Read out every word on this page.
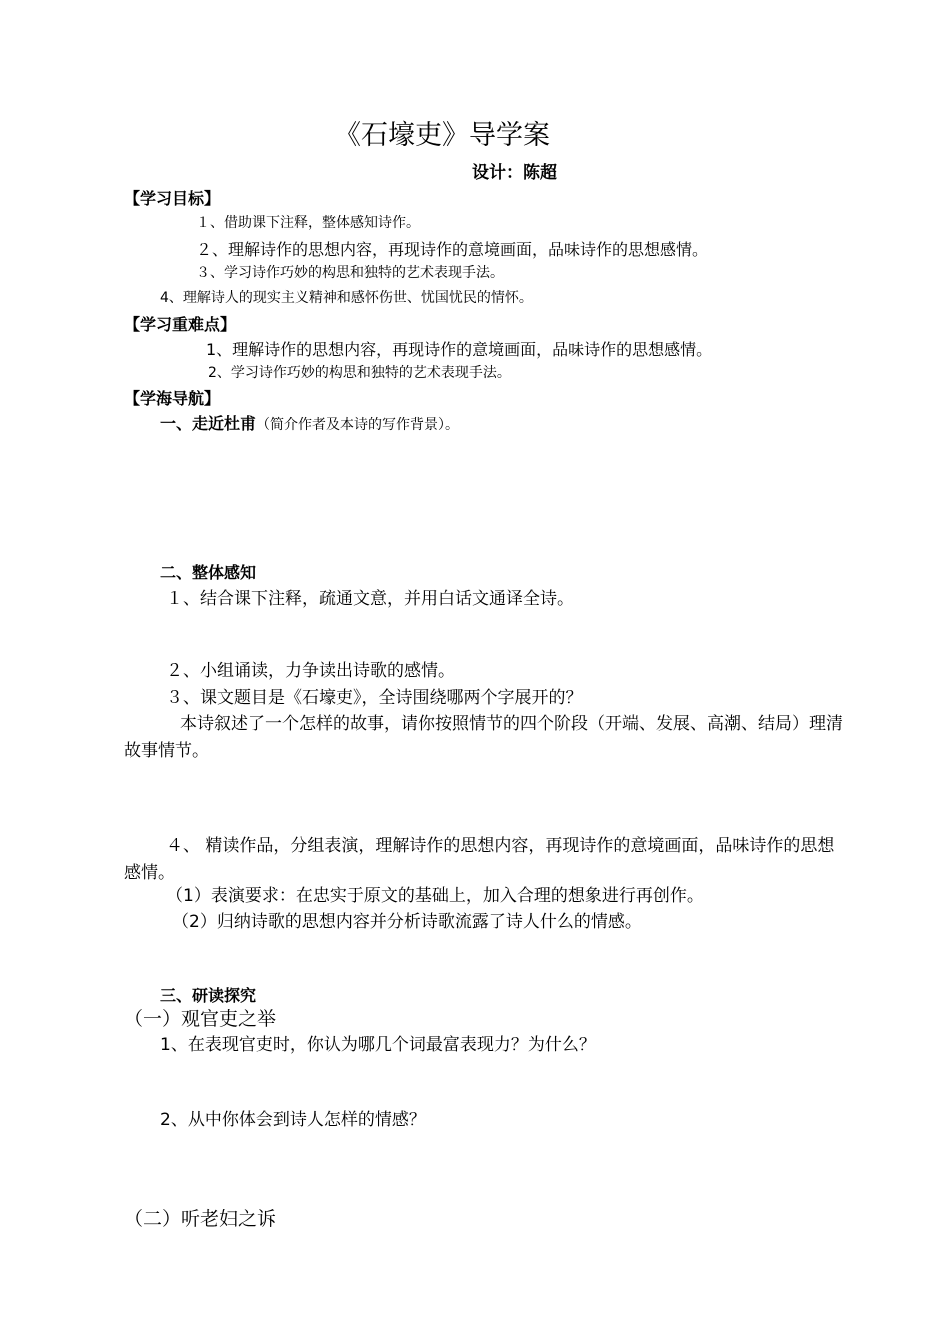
《石壕吏》导学案
设计：陈超
【学习目标】
１、借助课下注释，整体感知诗作。
２、理解诗作的思想内容，再现诗作的意境画面，品味诗作的思想感情。
３、学习诗作巧妙的构思和独特的艺术表现手法。
4、理解诗人的现实主义精神和感怀伤世、忧国忧民的情怀。
【学习重难点】
1、理解诗作的思想内容，再现诗作的意境画面，品味诗作的思想感情。
2、学习诗作巧妙的构思和独特的艺术表现手法。
【学海导航】
一、走近杜甫（简介作者及本诗的写作背景）。
二、整体感知
１、结合课下注释，疏通文意，并用白话文通译全诗。
２、小组诵读，力争读出诗歌的感情。
３、课文题目是《石壕吏》，全诗围绕哪两个字展开的？
本诗叙述了一个怎样的故事，请你按照情节的四个阶段（开端、发展、高潮、结局）理清故事情节。
４、 精读作品，分组表演，理解诗作的思想内容，再现诗作的意境画面，品味诗作的思想感情。
（1）表演要求：在忠实于原文的基础上，加入合理的想象进行再创作。
（2）归纳诗歌的思想内容并分析诗歌流露了诗人什么的情感。
三、研读探究
（一）观官吏之举
1、在表现官吏时，你认为哪几个词最富表现力？为什么？
2、从中你体会到诗人怎样的情感？
（二）听老妇之诉
